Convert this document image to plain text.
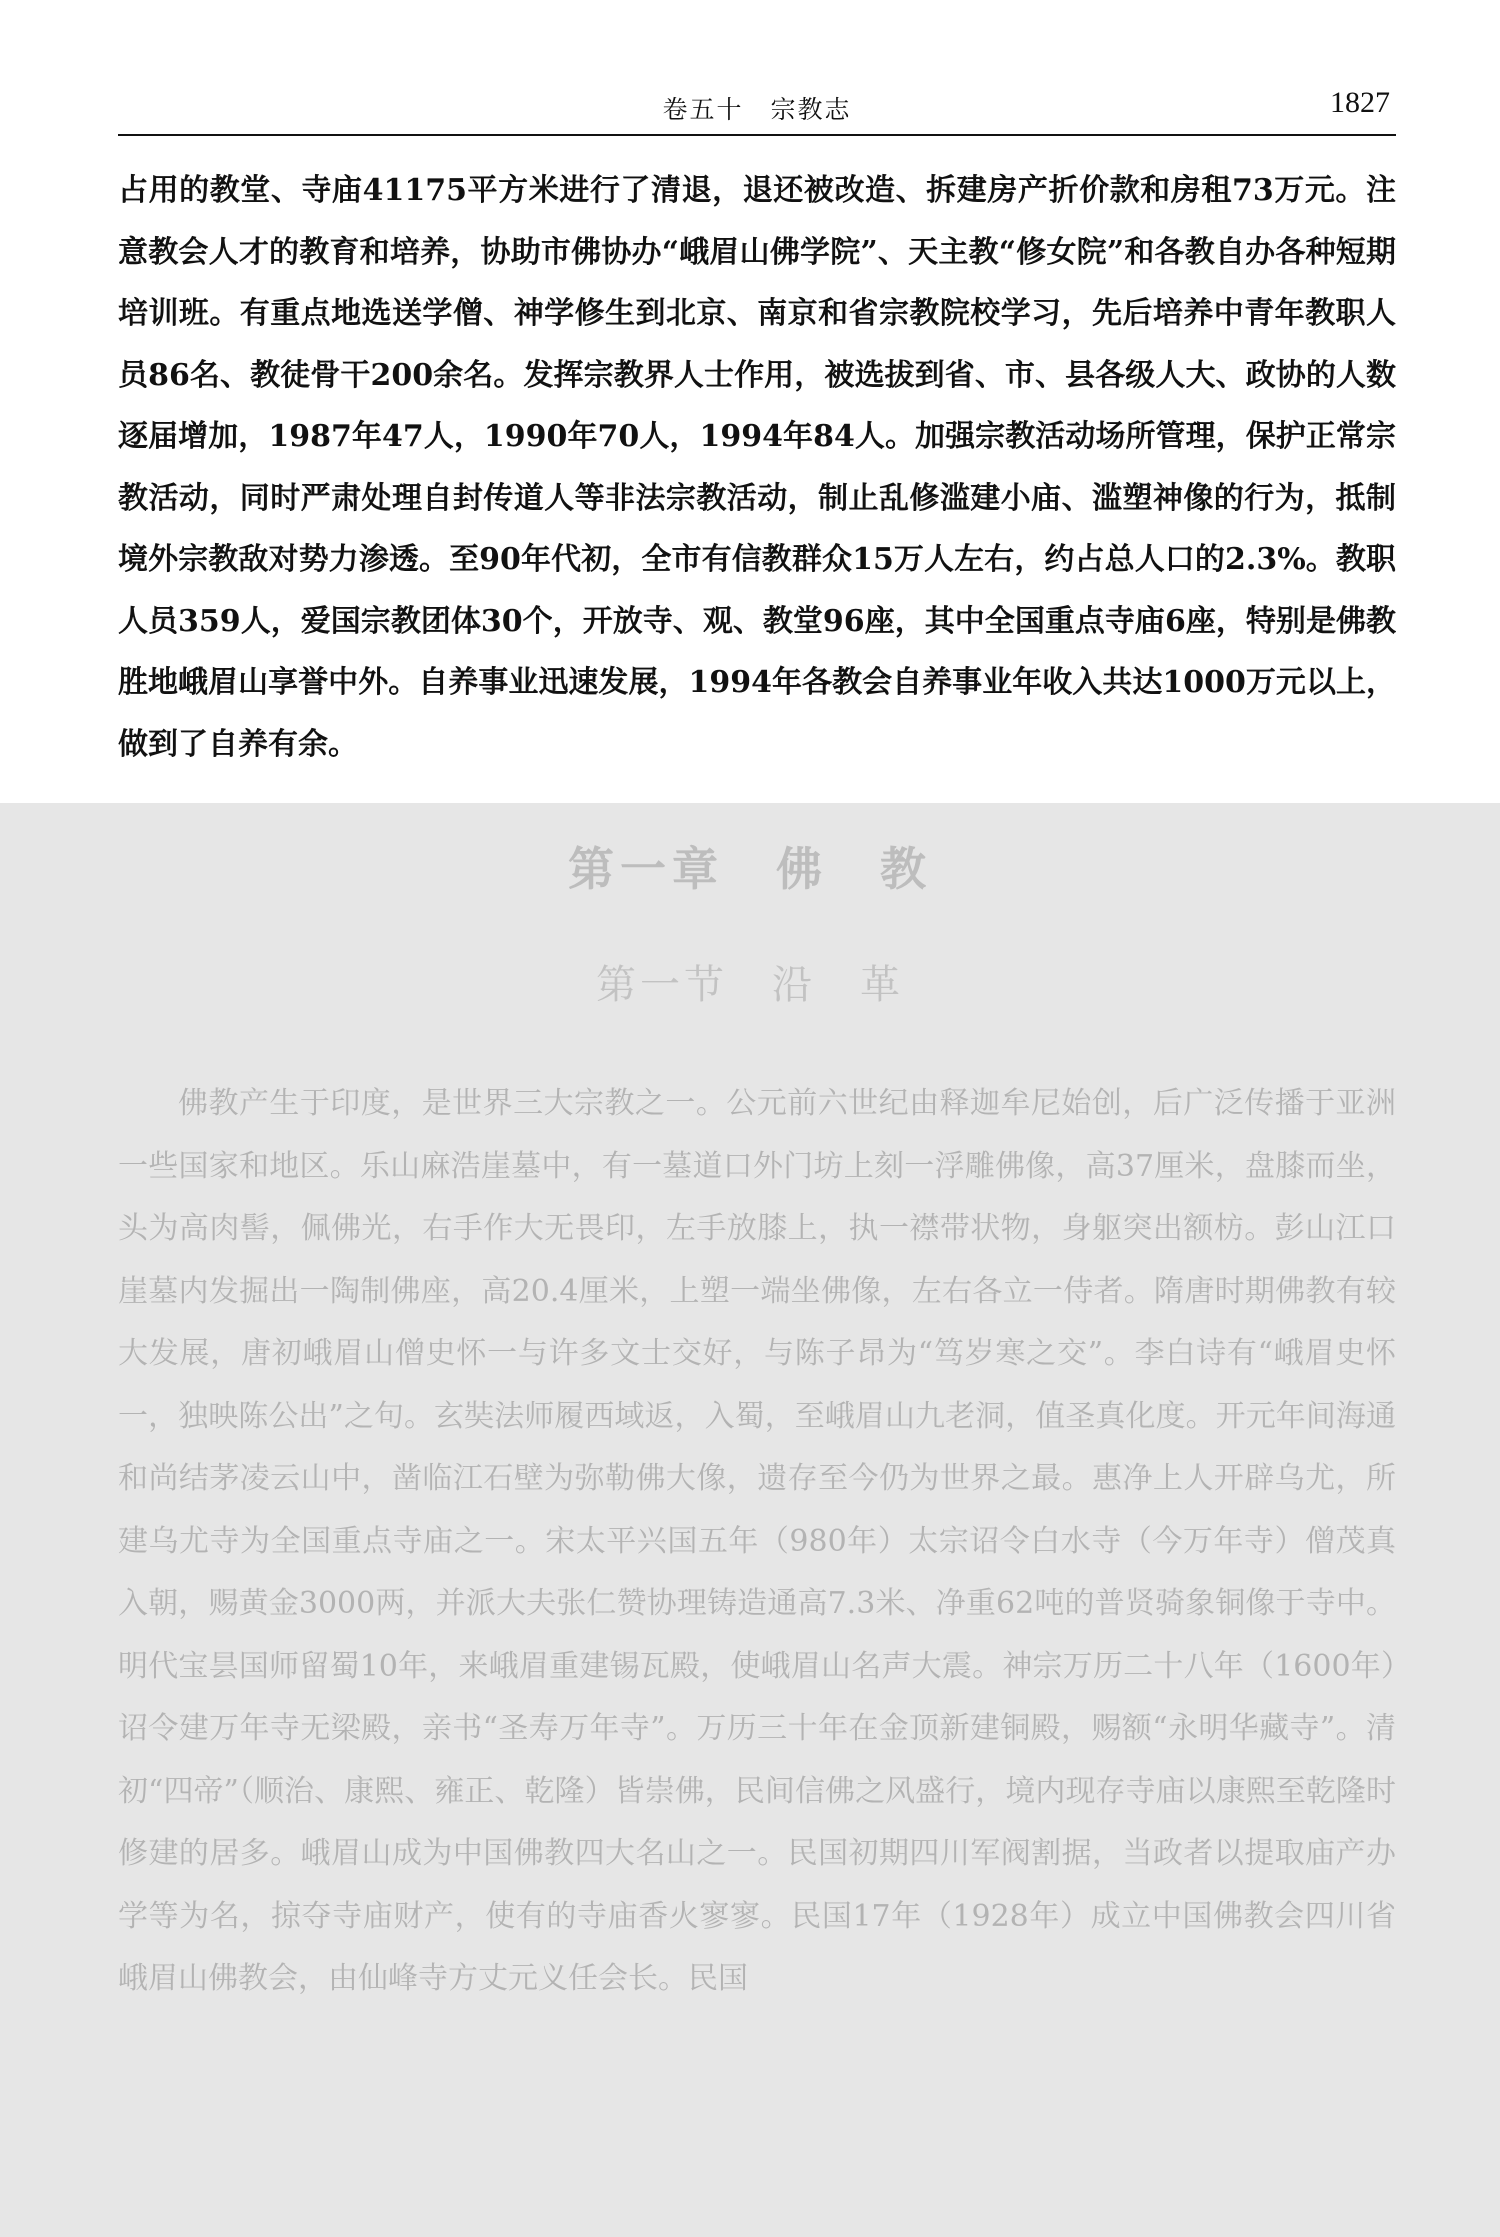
卷五十　宗教志	1827

占用的教堂、寺庙41175平方米进行了清退，退还被改造、拆建房产折价款和房租73万元。注意教会人才的教育和培养，协助市佛协办“峨眉山佛学院”、天主教“修女院”和各教自办各种短期培训班。有重点地选送学僧、神学修生到北京、南京和省宗教院校学习，先后培养中青年教职人员86名、教徒骨干200余名。发挥宗教界人士作用，被选拔到省、市、县各级人大、政协的人数逐届增加，1987年47人，1990年70人，1994年84人。加强宗教活动场所管理，保护正常宗教活动，同时严肃处理自封传道人等非法宗教活动，制止乱修滥建小庙、滥塑神像的行为，抵制境外宗教敌对势力渗透。至90年代初，全市有信教群众15万人左右，约占总人口的2.3%。教职人员359人，爱国宗教团体30个，开放寺、观、教堂96座，其中全国重点寺庙6座，特别是佛教胜地峨眉山享誉中外。自养事业迅速发展，1994年各教会自养事业年收入共达1000万元以上，做到了自养有余。

第一章　佛　教
第一节　沿　革

佛教产生于印度，是世界三大宗教之一。公元前六世纪由释迦牟尼始创，后广泛传播于亚洲一些国家和地区。乐山麻浩崖墓中，有一墓道口外门坊上刻一浮雕佛像，高37厘米，盘膝而坐，头为高肉髻，佩佛光，右手作大无畏印，左手放膝上，执一襟带状物，身躯突出额枋。彭山江口崖墓内发掘出一陶制佛座，高20.4厘米，上塑一端坐佛像，左右各立一侍者。隋唐时期佛教有较大发展，唐初峨眉山僧史怀一与许多文士交好，与陈子昂为“笃岁寒之交”。李白诗有“峨眉史怀一，独映陈公出”之句。玄奘法师履西域返，入蜀，至峨眉山九老洞，值圣真化度。开元年间海通和尚结茅凌云山中，凿临江石壁为弥勒佛大像，遗存至今仍为世界之最。惠净上人开辟乌尤，所建乌尤寺为全国重点寺庙之一。宋太平兴国五年（980年）太宗诏令白水寺（今万年寺）僧茂真入朝，赐黄金3000两，并派大夫张仁赞协理铸造通高7.3米、净重62吨的普贤骑象铜像于寺中。明代宝昙国师留蜀10年，来峨眉重建锡瓦殿，使峨眉山名声大震。神宗万历二十八年（1600年）诏令建万年寺无梁殿，亲书“圣寿万年寺”。万历三十年在金顶新建铜殿，赐额“永明华藏寺”。清初“四帝”（顺治、康熙、雍正、乾隆）皆崇佛，民间信佛之风盛行，境内现存寺庙以康熙至乾隆时修建的居多。峨眉山成为中国佛教四大名山之一。民国初期四川军阀割据，当政者以提取庙产办学等为名，掠夺寺庙财产，使有的寺庙香火寥寥。民国17年（1928年）成立中国佛教会四川省峨眉山佛教会，由仙峰寺方丈元义任会长。民国
